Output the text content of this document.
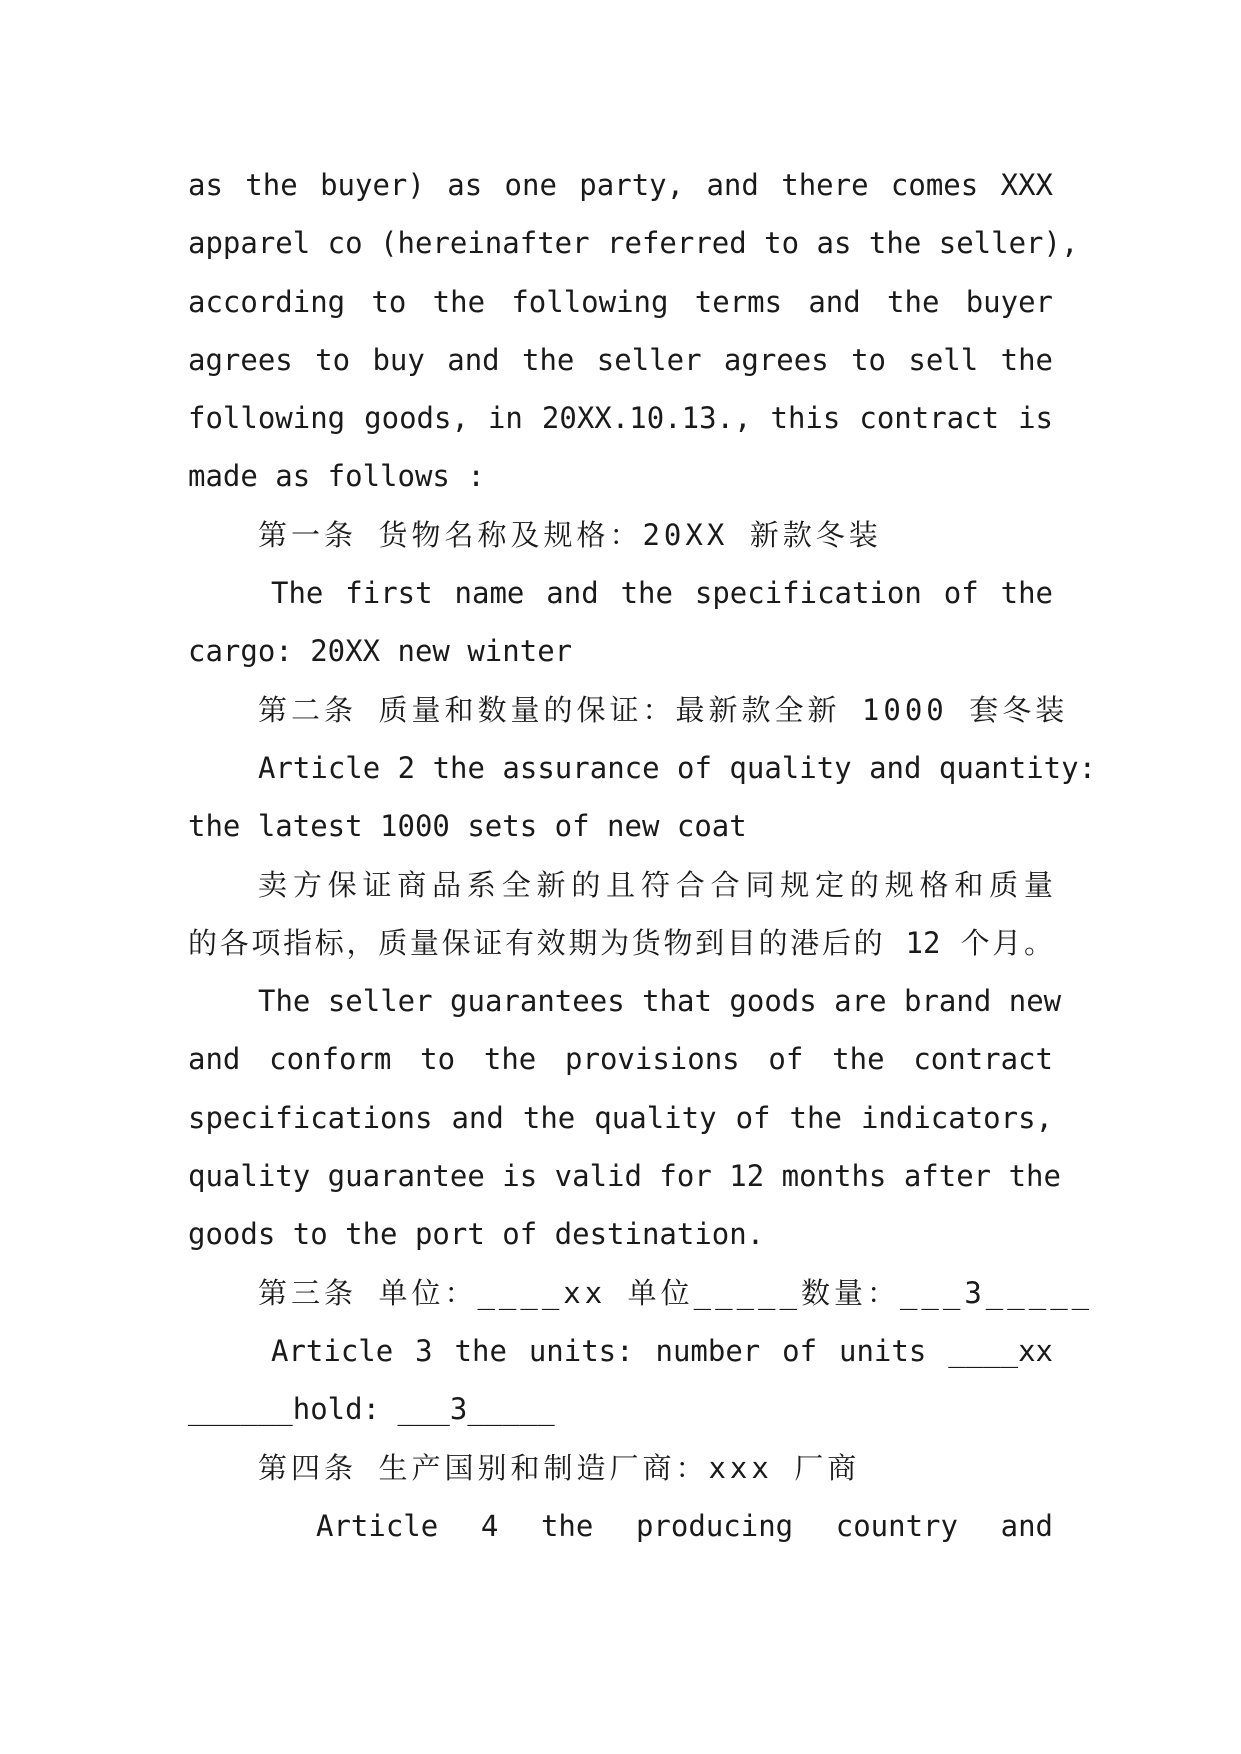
as the buyer) as one party, and there comes XXX
apparel co (hereinafter referred to as the seller),
according to the following terms and the buyer
agrees to buy and the seller agrees to sell the
following goods, in 20XX.10.13., this contract is
made as follows :
第一条 货物名称及规格：20XX 新款冬装
The first name and the specification of the
cargo: 20XX new winter
第二条 质量和数量的保证：最新款全新 1000 套冬装
Article 2 the assurance of quality and quantity:
the latest 1000 sets of new coat
卖方保证商品系全新的且符合合同规定的规格和质量
的各项指标，质量保证有效期为货物到目的港后的 12 个月。
The seller guarantees that goods are brand new
and conform to the provisions of the contract
specifications and the quality of the indicators,
quality guarantee is valid for 12 months after the
goods to the port of destination.
第三条 单位：____xx 单位_____数量：___3_____
Article 3 the units: number of units ____xx
______hold: ___3_____
第四条 生产国别和制造厂商：xxx 厂商
Article 4 the producing country and
